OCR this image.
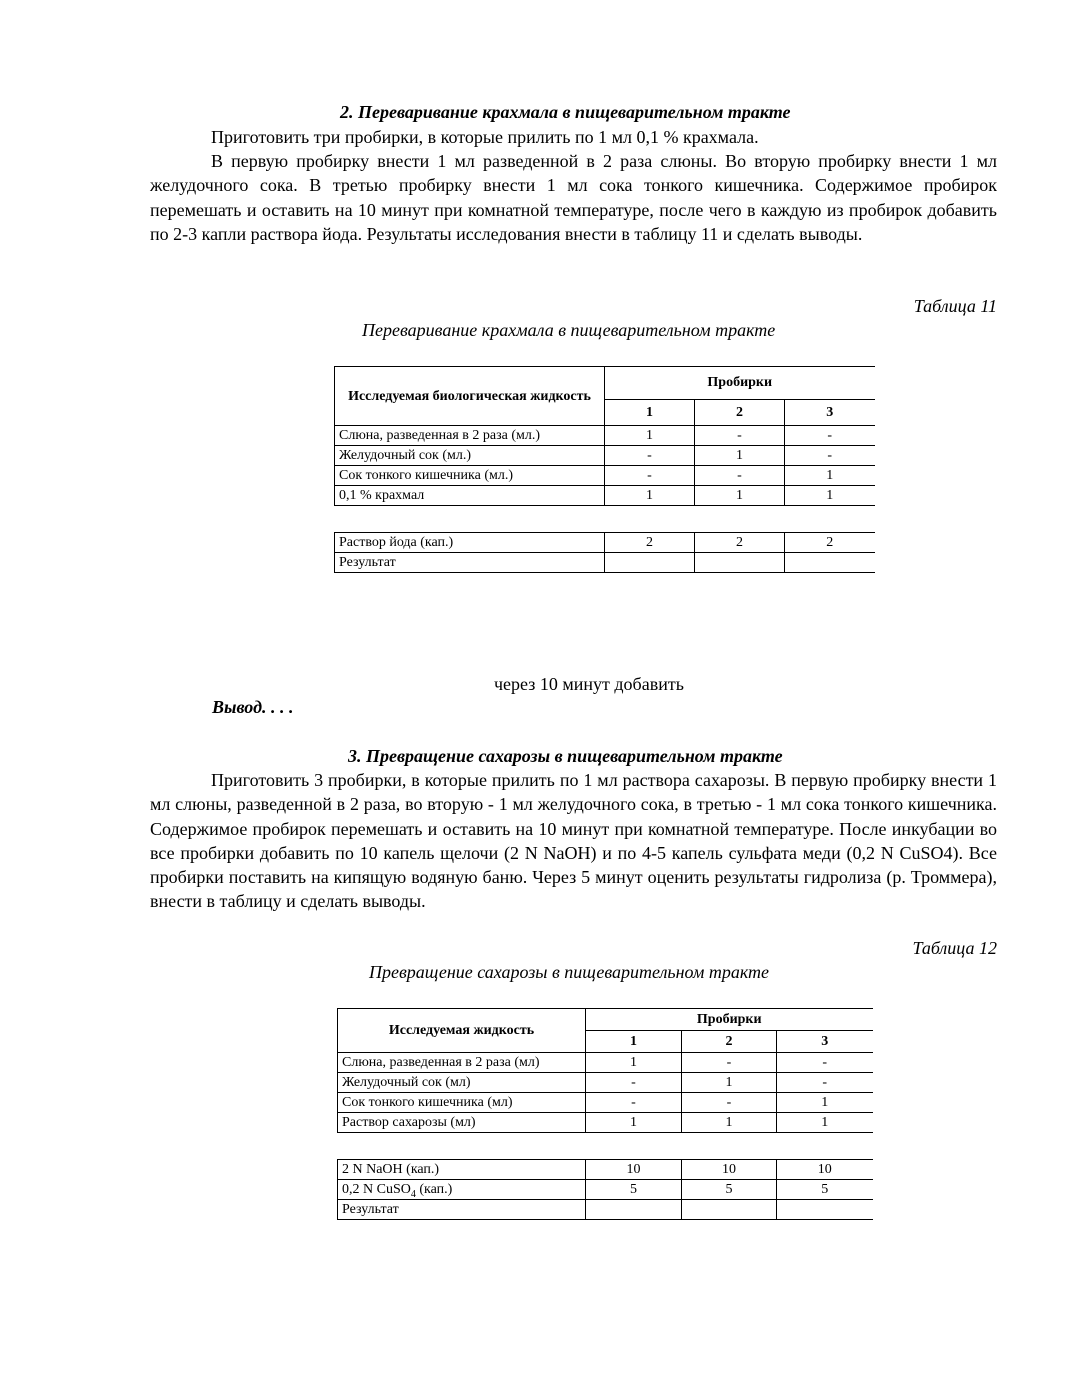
2. Переваривание крахмала в пищеварительном тракте
Приготовить три пробирки, в которые прилить по 1 мл 0,1 % крахмала.
В первую пробирку внести 1 мл разведенной в 2 раза слюны. Во вторую пробирку внести 1 мл желудочного сока. В третью пробирку внести 1 мл сока тонкого кишечника. Содержимое пробирок перемешать и оставить на 10 минут при комнатной температуре, после чего в каждую из пробирок добавить по 2-3 капли раствора йода. Результаты исследования внести в таблицу 11 и сделать выводы.
Таблица 11
Переваривание крахмала в пищеварительном тракте
Исследуемая биологическая жидкость	Пробирки		
	1	2	3
Слюна, разведенная в 2 раза (мл.)	1	-	-
Желудочный сок (мл.)	-	1	-
Сок тонкого кишечника (мл.)	-	-	1
0,1 % крахмал	1	1	1

Раствор йода (кап.)	2	2	2
Результат			
через 10 минут добавить
Вывод. . . .
3. Превращение сахарозы в пищеварительном тракте
Приготовить 3 пробирки, в которые прилить по 1 мл раствора сахарозы. В первую пробирку внести 1 мл слюны, разведенной в 2 раза, во вторую - 1 мл желудочного сока, в третью - 1 мл сока тонкого кишечника. Содержимое пробирок перемешать и оставить на 10 минут при комнатной температуре. После инкубации во все пробирки добавить по 10 капель щелочи (2 N NaOH) и по 4-5 капель сульфата меди (0,2 N CuSO4). Все пробирки поставить на кипящую водяную баню. Через 5 минут оценить результаты гидролиза (р. Троммера), внести в таблицу и сделать выводы.
Таблица 12
Превращение сахарозы в пищеварительном тракте
Исследуемая жидкость	Пробирки		
	1	2	3
Слюна, разведенная в 2 раза (мл)	1	-	-
Желудочный сок (мл)	-	1	-
Сок тонкого кишечника (мл)	-	-	1
Раствор сахарозы (мл)	1	1	1

2 N NaOH (кап.)	10	10	10
0,2 N CuSO$_4$ (кап.)	5	5	5
Результат			
